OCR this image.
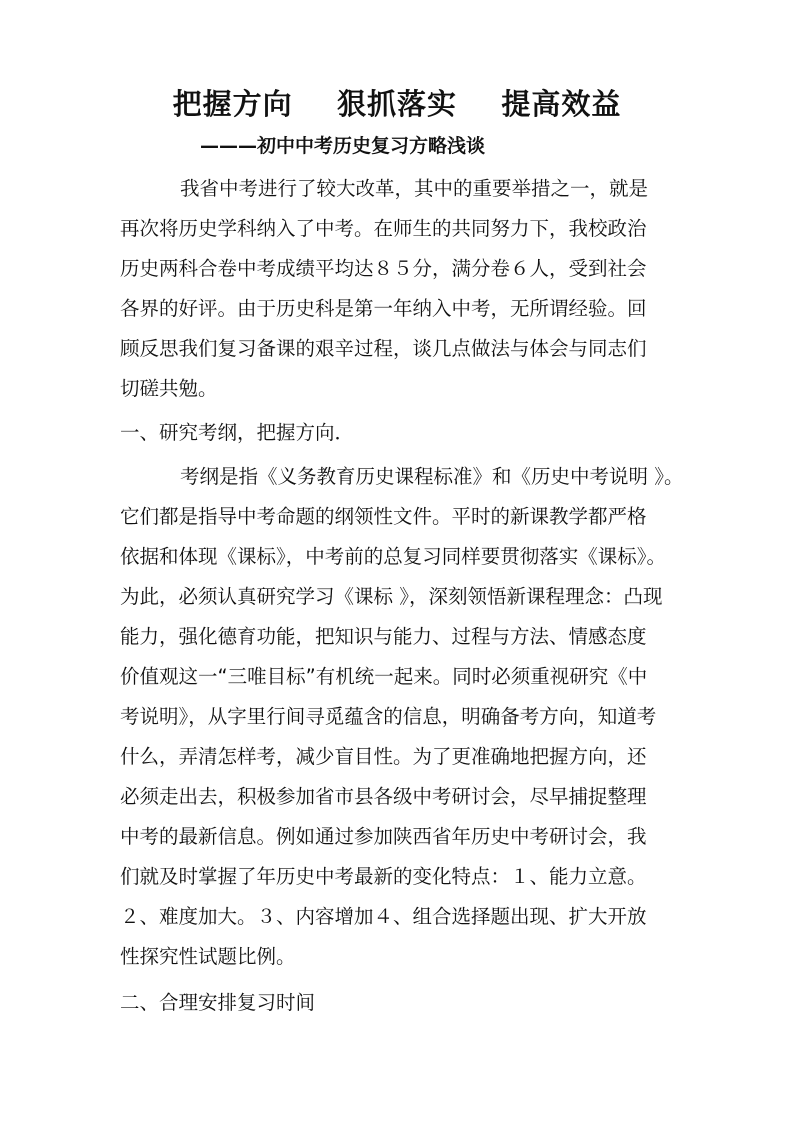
把握方向    狠抓落实    提高效益
———初中中考历史复习方略浅谈
我省中考进行了较大改革，其中的重要举措之一，就是
再次将历史学科纳入了中考。在师生的共同努力下，我校政治
历史两科合卷中考成绩平均达８５分，满分卷６人，受到社会
各界的好评。由于历史科是第一年纳入中考，无所谓经验。回
顾反思我们复习备课的艰辛过程，谈几点做法与体会与同志们
切磋共勉。
一、研究考纲，把握方向．
考纲是指《义务教育历史课程标准》和《历史中考说明 》。
它们都是指导中考命题的纲领性文件。平时的新课教学都严格
依据和体现《课标》，中考前的总复习同样要贯彻落实《课标》。
为此，必须认真研究学习《课标 》，深刻领悟新课程理念：凸现
能力，强化德育功能，把知识与能力、过程与方法、情感态度
价值观这一“三唯目标”有机统一起来。同时必须重视研究《中
考说明》，从字里行间寻觅蕴含的信息，明确备考方向，知道考
什么，弄清怎样考，减少盲目性。为了更准确地把握方向，还
必须走出去，积极参加省市县各级中考研讨会，尽早捕捉整理
中考的最新信息。例如通过参加陕西省年历史中考研讨会，我
们就及时掌握了年历史中考最新的变化特点：１、能力立意。
２、难度加大。３、内容增加４、组合选择题出现、扩大开放
性探究性试题比例。
二、合理安排复习时间
